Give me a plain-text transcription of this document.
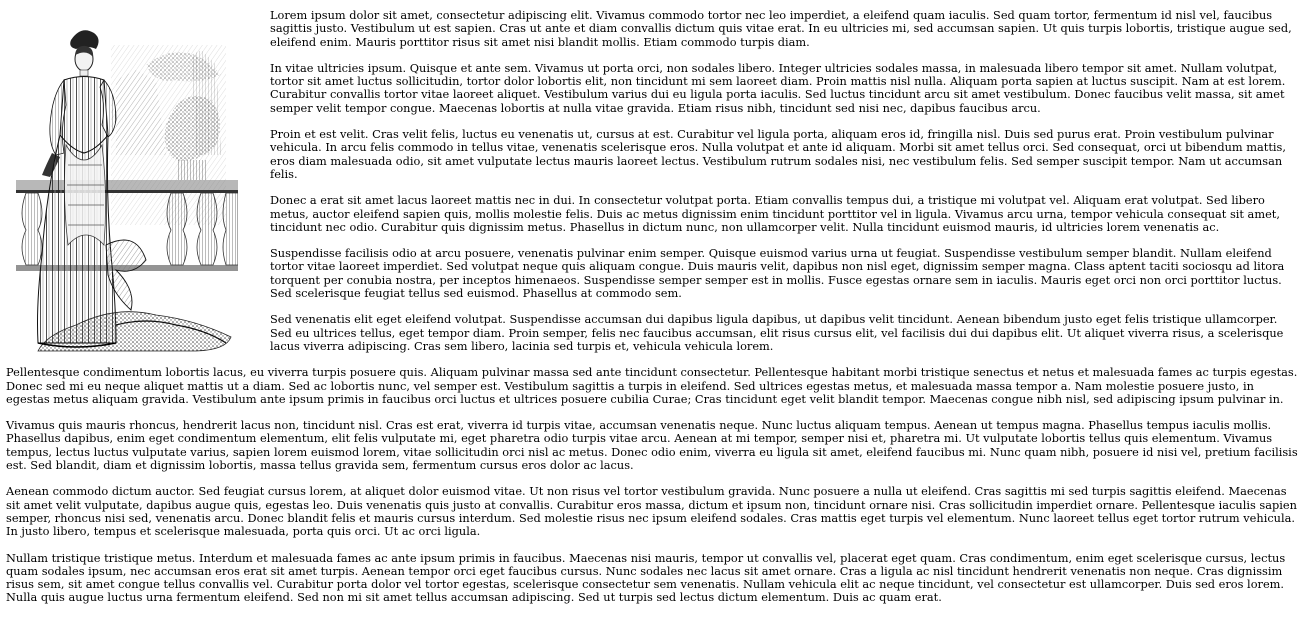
Lorem ipsum dolor sit amet, consectetur adipiscing elit. Vivamus commodo tortor nec leo imperdiet, a eleifend quam iaculis. Sed quam tortor, fermentum id nisl vel, faucibus sagittis justo. Vestibulum ut est sapien. Cras ut ante et diam convallis dictum quis vitae erat. In eu ultricies mi, sed accumsan sapien. Ut quis turpis lobortis, tristique augue sed, eleifend enim. Mauris porttitor risus sit amet nisi blandit mollis. Etiam commodo turpis diam.

In vitae ultricies ipsum. Quisque et ante sem. Vivamus ut porta orci, non sodales libero. Integer ultricies sodales massa, in malesuada libero tempor sit amet. Nullam volutpat, tortor sit amet luctus sollicitudin, tortor dolor lobortis elit, non tincidunt mi sem laoreet diam. Proin mattis nisl nulla. Aliquam porta sapien at luctus suscipit. Nam at est lorem. Curabitur convallis tortor vitae laoreet aliquet. Vestibulum varius dui eu ligula porta iaculis. Sed luctus tincidunt arcu sit amet vestibulum. Donec faucibus velit massa, sit amet semper velit tempor congue. Maecenas lobortis at nulla vitae gravida. Etiam risus nibh, tincidunt sed nisi nec, dapibus faucibus arcu.

Proin et est velit. Cras velit felis, luctus eu venenatis ut, cursus at est. Curabitur vel ligula porta, aliquam eros id, fringilla nisl. Duis sed purus erat. Proin vestibulum pulvinar vehicula. In arcu felis commodo in tellus vitae, venenatis scelerisque eros. Nulla volutpat et ante id aliquam. Morbi sit amet tellus orci. Sed consequat, orci ut bibendum mattis, eros diam malesuada odio, sit amet vulputate lectus mauris laoreet lectus. Vestibulum rutrum sodales nisi, nec vestibulum felis. Sed semper suscipit tempor. Nam ut accumsan felis.

Donec a erat sit amet lacus laoreet mattis nec in dui. In consectetur volutpat porta. Etiam convallis tempus dui, a tristique mi volutpat vel. Aliquam erat volutpat. Sed libero metus, auctor eleifend sapien quis, mollis molestie felis. Duis ac metus dignissim enim tincidunt porttitor vel in ligula. Vivamus arcu urna, tempor vehicula consequat sit amet, tincidunt nec odio. Curabitur quis dignissim metus. Phasellus in dictum nunc, non ullamcorper velit. Nulla tincidunt euismod mauris, id ultricies lorem venenatis ac.

Suspendisse facilisis odio at arcu posuere, venenatis pulvinar enim semper. Quisque euismod varius urna ut feugiat. Suspendisse vestibulum semper blandit. Nullam eleifend tortor vitae laoreet imperdiet. Sed volutpat neque quis aliquam congue. Duis mauris velit, dapibus non nisl eget, dignissim semper magna. Class aptent taciti sociosqu ad litora torquent per conubia nostra, per inceptos himenaeos. Suspendisse semper semper est in mollis. Fusce egestas ornare sem in iaculis. Mauris eget orci non orci porttitor luctus. Sed scelerisque feugiat tellus sed euismod. Phasellus at commodo sem.

Sed venenatis elit eget eleifend volutpat. Suspendisse accumsan dui dapibus ligula dapibus, ut dapibus velit tincidunt. Aenean bibendum justo eget felis tristique ullamcorper. Sed eu ultrices tellus, eget tempor diam. Proin semper, felis nec faucibus accumsan, elit risus cursus elit, vel facilisis dui dui dapibus elit. Ut aliquet viverra risus, a scelerisque lacus viverra adipiscing. Cras sem libero, lacinia sed turpis et, vehicula vehicula lorem.

Pellentesque condimentum lobortis lacus, eu viverra turpis posuere quis. Aliquam pulvinar massa sed ante tincidunt consectetur. Pellentesque habitant morbi tristique senectus et netus et malesuada fames ac turpis egestas. Donec sed mi eu neque aliquet mattis ut a diam. Sed ac lobortis nunc, vel semper est. Vestibulum sagittis a turpis in eleifend. Sed ultrices egestas metus, et malesuada massa tempor a. Nam molestie posuere justo, in egestas metus aliquam gravida. Vestibulum ante ipsum primis in faucibus orci luctus et ultrices posuere cubilia Curae; Cras tincidunt eget velit blandit tempor. Maecenas congue nibh nisl, sed adipiscing ipsum pulvinar in.

Vivamus quis mauris rhoncus, hendrerit lacus non, tincidunt nisl. Cras est erat, viverra id turpis vitae, accumsan venenatis neque. Nunc luctus aliquam tempus. Aenean ut tempus magna. Phasellus tempus iaculis mollis. Phasellus dapibus, enim eget condimentum elementum, elit felis vulputate mi, eget pharetra odio turpis vitae arcu. Aenean at mi tempor, semper nisi et, pharetra mi. Ut vulputate lobortis tellus quis elementum. Vivamus tempus, lectus luctus vulputate varius, sapien lorem euismod lorem, vitae sollicitudin orci nisl ac metus. Donec odio enim, viverra eu ligula sit amet, eleifend faucibus mi. Nunc quam nibh, posuere id nisi vel, pretium facilisis est. Sed blandit, diam et dignissim lobortis, massa tellus gravida sem, fermentum cursus eros dolor ac lacus.

Aenean commodo dictum auctor. Sed feugiat cursus lorem, at aliquet dolor euismod vitae. Ut non risus vel tortor vestibulum gravida. Nunc posuere a nulla ut eleifend. Cras sagittis mi sed turpis sagittis eleifend. Maecenas sit amet velit vulputate, dapibus augue quis, egestas leo. Duis venenatis quis justo at convallis. Curabitur eros massa, dictum et ipsum non, tincidunt ornare nisi. Cras sollicitudin imperdiet ornare. Pellentesque iaculis sapien semper, rhoncus nisi sed, venenatis arcu. Donec blandit felis et mauris cursus interdum. Sed molestie risus nec ipsum eleifend sodales. Cras mattis eget turpis vel elementum. Nunc laoreet tellus eget tortor rutrum vehicula. In justo libero, tempus et scelerisque malesuada, porta quis orci. Ut ac orci ligula.

Nullam tristique tristique metus. Interdum et malesuada fames ac ante ipsum primis in faucibus. Maecenas nisi mauris, tempor ut convallis vel, placerat eget quam. Cras condimentum, enim eget scelerisque cursus, lectus quam sodales ipsum, nec accumsan eros erat sit amet turpis. Aenean tempor orci eget faucibus cursus. Nunc sodales nec lacus sit amet ornare. Cras a ligula ac nisl tincidunt hendrerit venenatis non neque. Cras dignissim risus sem, sit amet congue tellus convallis vel. Curabitur porta dolor vel tortor egestas, scelerisque consectetur sem venenatis. Nullam vehicula elit ac neque tincidunt, vel consectetur est ullamcorper. Duis sed eros lorem. Nulla quis augue luctus urna fermentum eleifend. Sed non mi sit amet tellus accumsan adipiscing. Sed ut turpis sed lectus dictum elementum. Duis ac quam erat.
